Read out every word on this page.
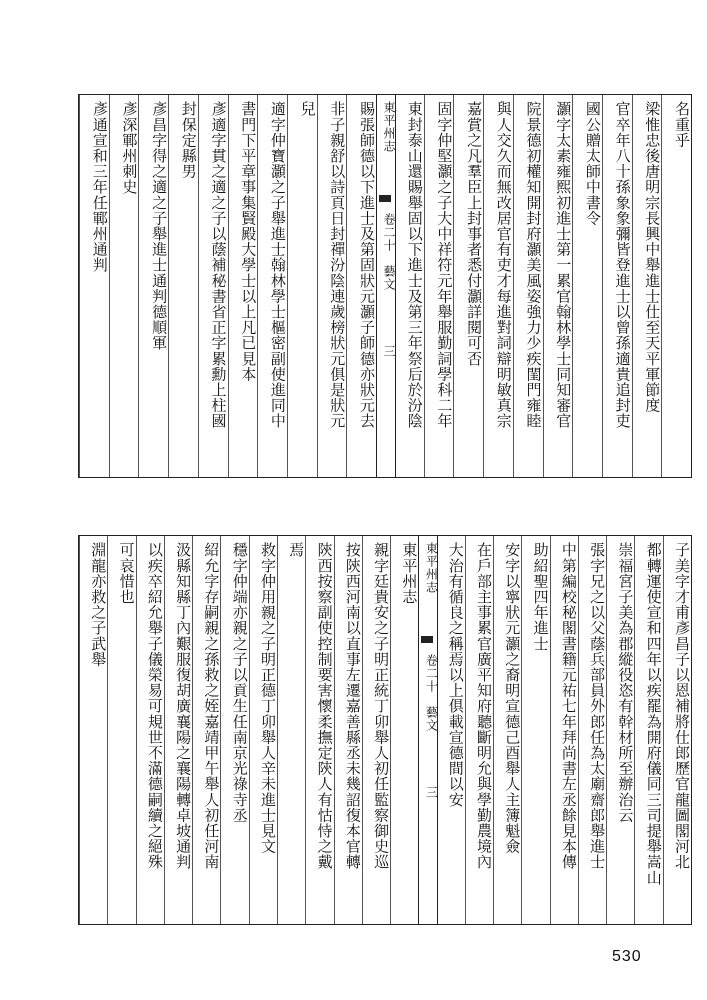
名重乎
梁惟忠後唐明宗長興中舉進士仕至天平軍節度
官卒年八十孫象象彌皆登進士以曾孫適貴追封吏
國公贈太師中書令
灝字太素雍熙初進士第一累官翰林學士同知審官
院景德初權知開封府灝美風姿強力少疾閨門雍睦
與人交久而無改居官有吏才每進對詞辯明敏真宗
嘉賞之凡羣臣上封事者悉付灝詳閱可否
固字仲堅灝之子大中祥符元年舉服勤詞學科二年
東封泰山還賜舉固以下進士及第三年祭后於汾陰
東平州志
卷二十
藝文
三
賜張師德以下進士及第固狀元灝子師德亦狀元去
非子親舒以詩頁日封禪汾陰連歲榜狀元俱是狀元
兒
適字仲寶灝之子舉進士翰林學士樞密副使進同中
書門下平章事集賢殿大學士以上凡已見本
彥適字貫之適之子以蔭補秘書省正字累勳上柱國
封保定縣男
彥昌字得之適之子舉進士通判德順軍
彥深鄆州刺史
彥通宣和三年任鄆州通判
子美字才甫彥昌子以恩補將仕郎歷官龍圖閣河北
都轉運使宣和四年以疾罷為開府儀同三司提舉嵩山
崇福宮子美為郡縱役恣有幹材所至辦治云
張字兄之以父蔭兵部員外郎任為太廟齋郎舉進士
中第編校秘閣書籍元祐七年拜尚書左丞餘見本傳
助紹聖四年進士
安字以寧狀元灝之裔明宣德己酉舉人主簿魁僉
在戶部主事累官廣平知府聽斷明允與學勤農境內
大治有循良之稱焉以上俱載宣德間以安
東平州志
卷二十
藝文
三
東平州志
親字廷貴安之子明正統丁卯舉人初任監察御史巡
按陝西河南以直事左遷嘉善縣丞未幾詔復本官轉
陝西按察副使控制要害懷柔撫定陝人有怙恃之戴
焉
救字仲用親之子明正德丁卯舉人辛未進士見文
穩字仲端亦親之子以貢生任南京光祿寺丞
紹允字存嗣親之孫救之姪嘉靖甲午舉人初任河南
汲縣知縣丁內艱服復胡廣襄陽之襄陽轉卓坡通判
以疾卒紹允舉子儀榮易可規世不滿德嗣續之絕殊
可哀惜也
淵龍亦救之子武舉
530
